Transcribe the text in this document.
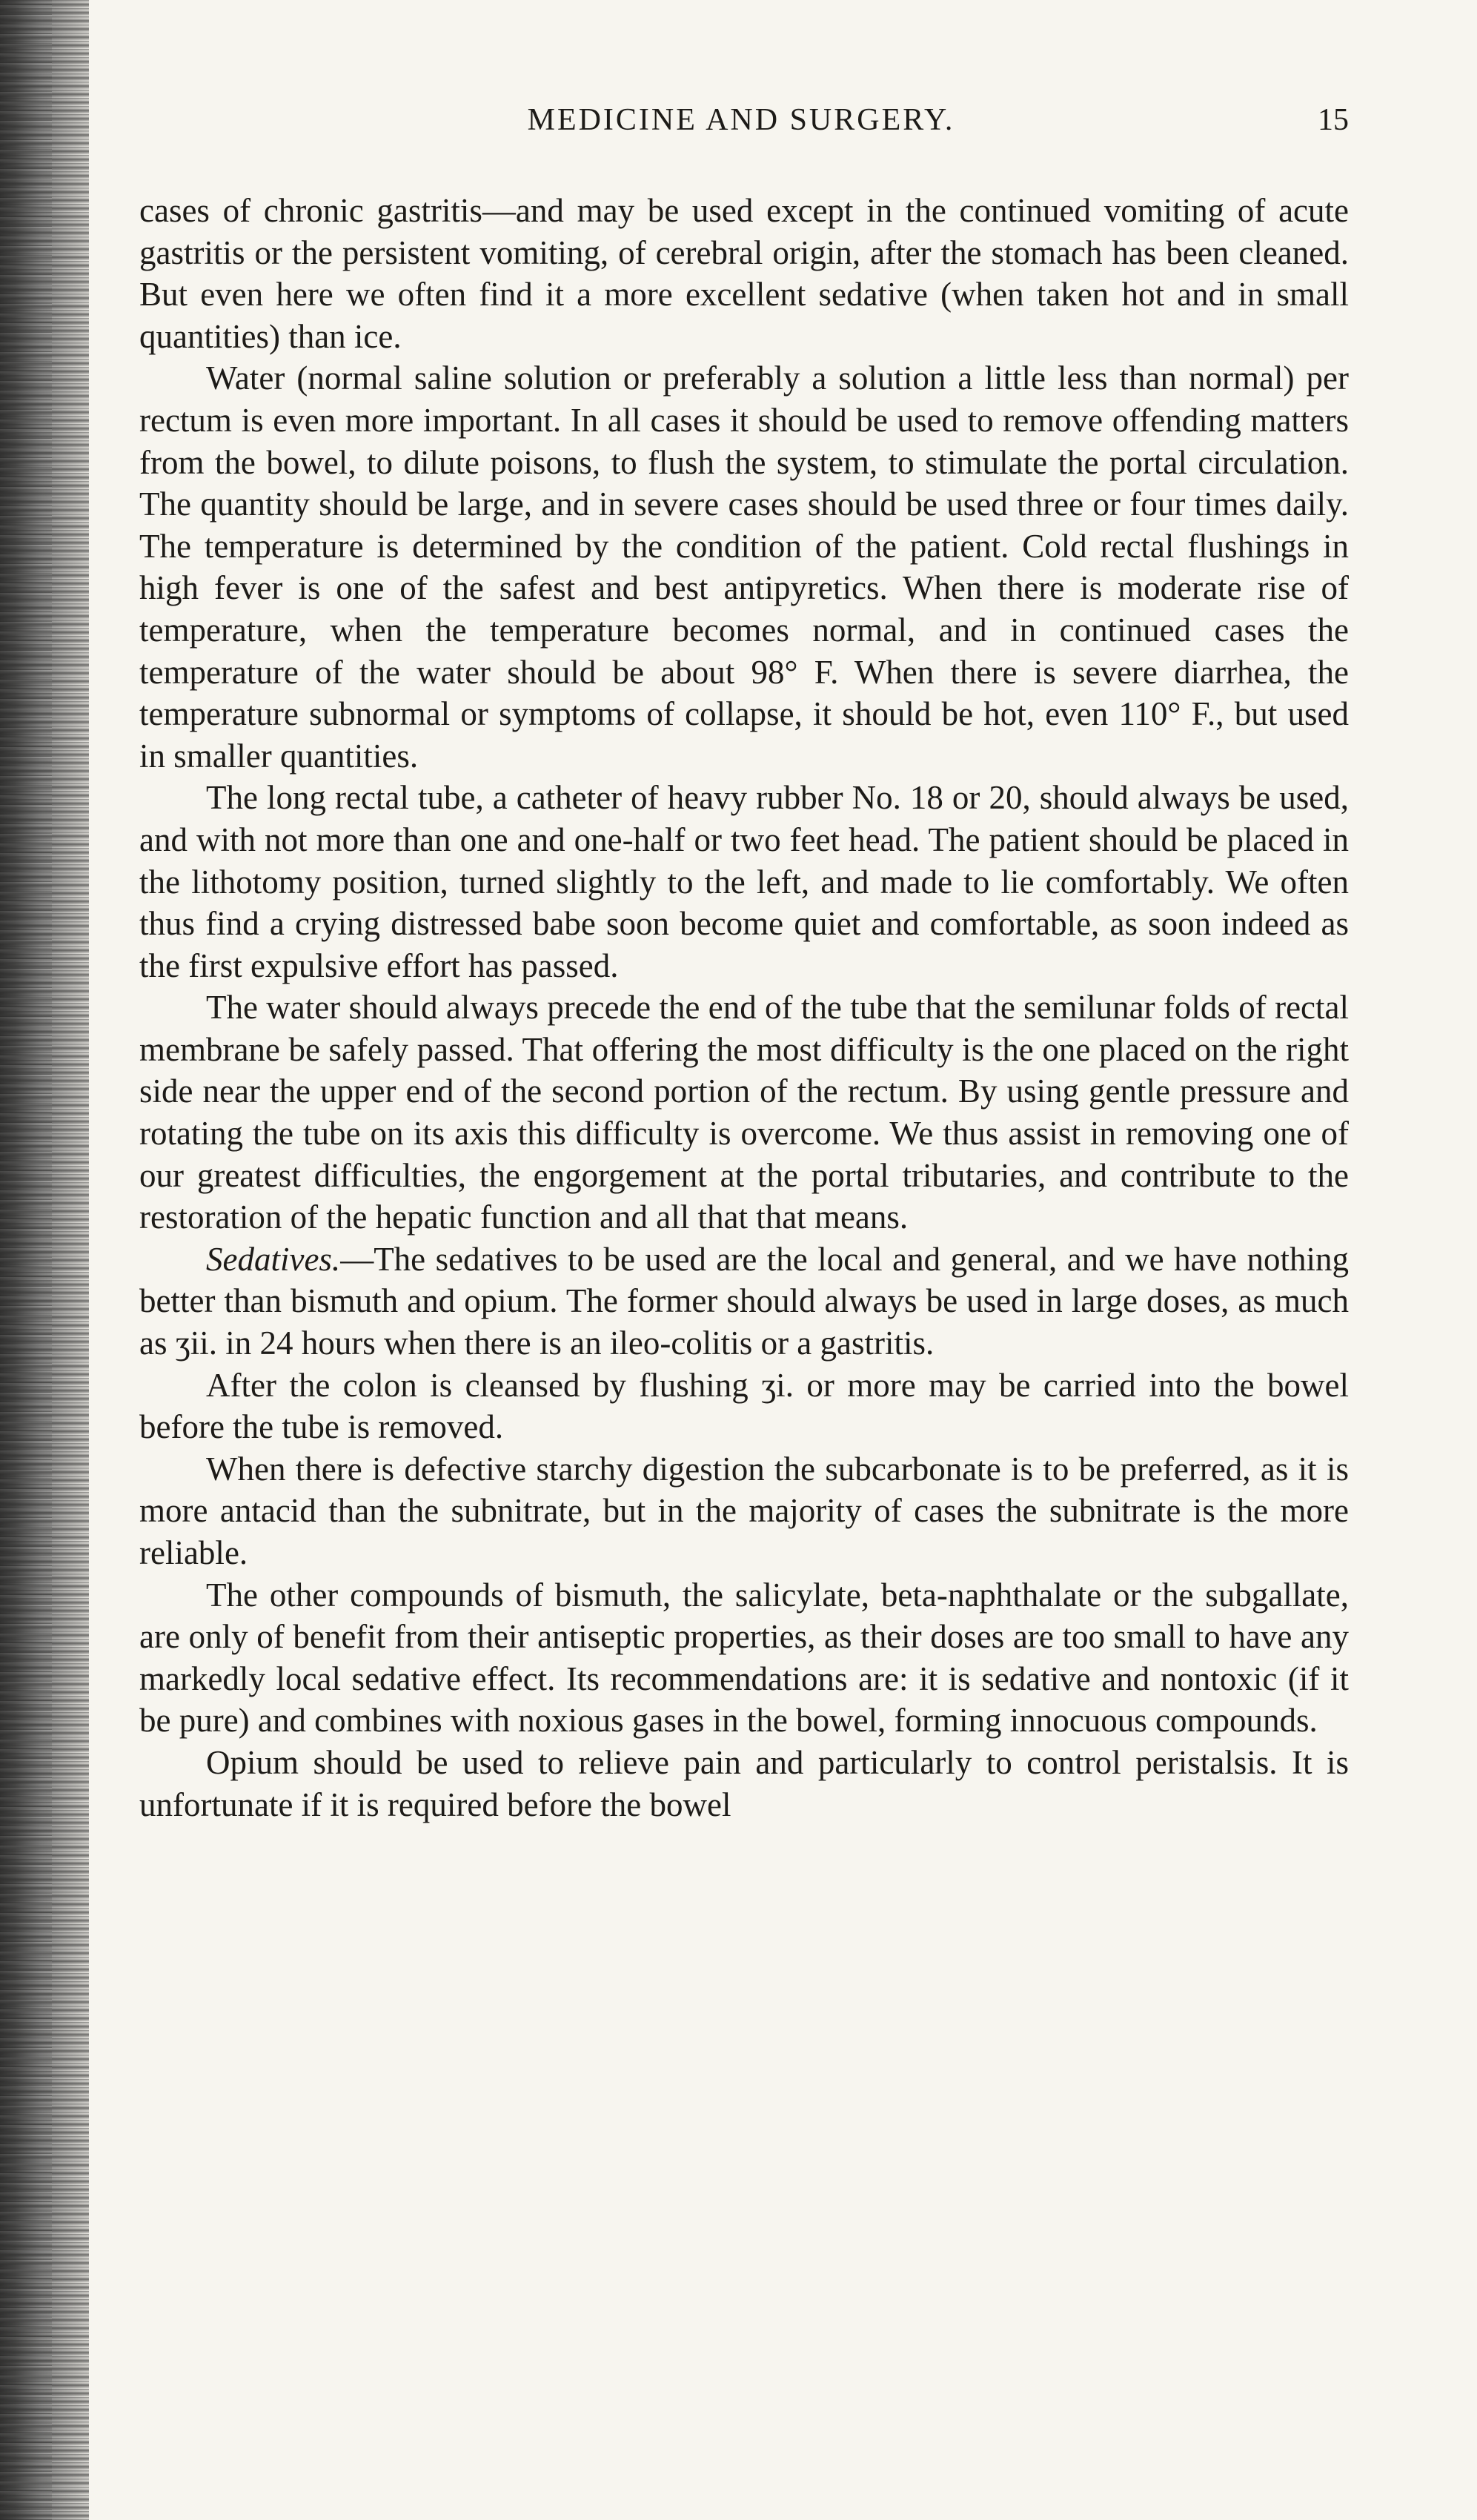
MEDICINE AND SURGERY.	15

cases of chronic gastritis—and may be used except in the continued vomiting of acute gastritis or the persistent vomiting, of cerebral origin, after the stomach has been cleaned. But even here we often find it a more excellent sedative (when taken hot and in small quantities) than ice.

Water (normal saline solution or preferably a solution a little less than normal) per rectum is even more important. In all cases it should be used to remove offending matters from the bowel, to dilute poisons, to flush the system, to stimulate the portal circulation. The quantity should be large, and in severe cases should be used three or four times daily. The temperature is determined by the condition of the patient. Cold rectal flushings in high fever is one of the safest and best antipyretics. When there is moderate rise of temperature, when the temperature becomes normal, and in continued cases the temperature of the water should be about 98° F. When there is severe diarrhea, the temperature subnormal or symptoms of collapse, it should be hot, even 110° F., but used in smaller quantities.

The long rectal tube, a catheter of heavy rubber No. 18 or 20, should always be used, and with not more than one and one-half or two feet head. The patient should be placed in the lithotomy position, turned slightly to the left, and made to lie comfortably. We often thus find a crying distressed babe soon become quiet and comfortable, as soon indeed as the first expulsive effort has passed.

The water should always precede the end of the tube that the semilunar folds of rectal membrane be safely passed. That offering the most difficulty is the one placed on the right side near the upper end of the second portion of the rectum. By using gentle pressure and rotating the tube on its axis this difficulty is overcome. We thus assist in removing one of our greatest difficulties, the engorgement at the portal tributaries, and contribute to the restoration of the hepatic function and all that that means.

Sedatives.—The sedatives to be used are the local and general, and we have nothing better than bismuth and opium. The former should always be used in large doses, as much as ʒii. in 24 hours when there is an ileo-colitis or a gastritis.

After the colon is cleansed by flushing ʒi. or more may be carried into the bowel before the tube is removed.

When there is defective starchy digestion the subcarbonate is to be preferred, as it is more antacid than the subnitrate, but in the majority of cases the subnitrate is the more reliable.

The other compounds of bismuth, the salicylate, beta-naphthalate or the subgallate, are only of benefit from their antiseptic properties, as their doses are too small to have any markedly local sedative effect. Its recommendations are: it is sedative and nontoxic (if it be pure) and combines with noxious gases in the bowel, forming innocuous compounds.

Opium should be used to relieve pain and particularly to control peristalsis. It is unfortunate if it is required before the bowel
